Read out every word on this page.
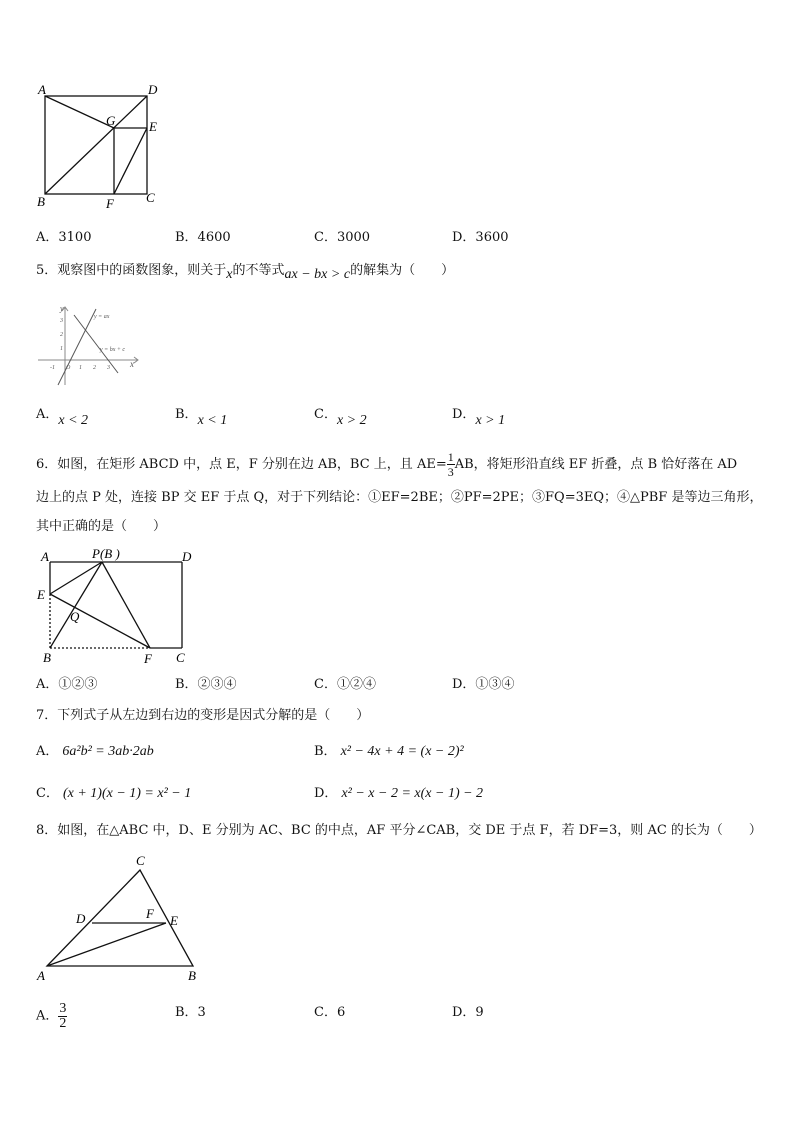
A	D
G	E
B	F C
A．3100	B．4600	C．3000	D．3600
5．观察图中的函数图象，则关于x的不等式ax − bx > c的解集为（　　）
y = ax
y = bx + c
x
y
-1	1 2 3
1
2
3
O
A．x < 2	B．x < 1	C．x > 2	D．x > 1
6．如图，在矩形 ABCD 中，点 E，F 分别在边 AB，BC 上，且 $AE= \frac{1}{3}$ AB，将矩形沿直线 EF 折叠，点 B 恰好落在 AD
边上的点 P 处，连接 BP 交 EF 于点 Q，对于下列结论：①EF=2BE；②PF=2PE；③FQ=3EQ；④△PBF 是等边三角形，
其中正确的是（　　）
A	P(B )	D
E
Q
B	F C
A．①②③	B．②③④	C．①②④	D．①③④
7．下列式子从左边到右边的变形是因式分解的是（　　）
A． 6a²b² = 3ab·2ab	B． x² − 4x + 4 = (x − 2)²
C． (x + 1)(x − 1) = x² − 1	D． x² − x − 2 = x(x − 1) − 2
8．如图，在△ABC 中，D、E 分别为 AC、BC 的中点，AF 平分∠CAB，交 DE 于点 F，若 DF=3，则 AC 的长为（　　）
C
D	F E
A	B
A． $\frac{3}{2}$	B．3	C．6	D．9
